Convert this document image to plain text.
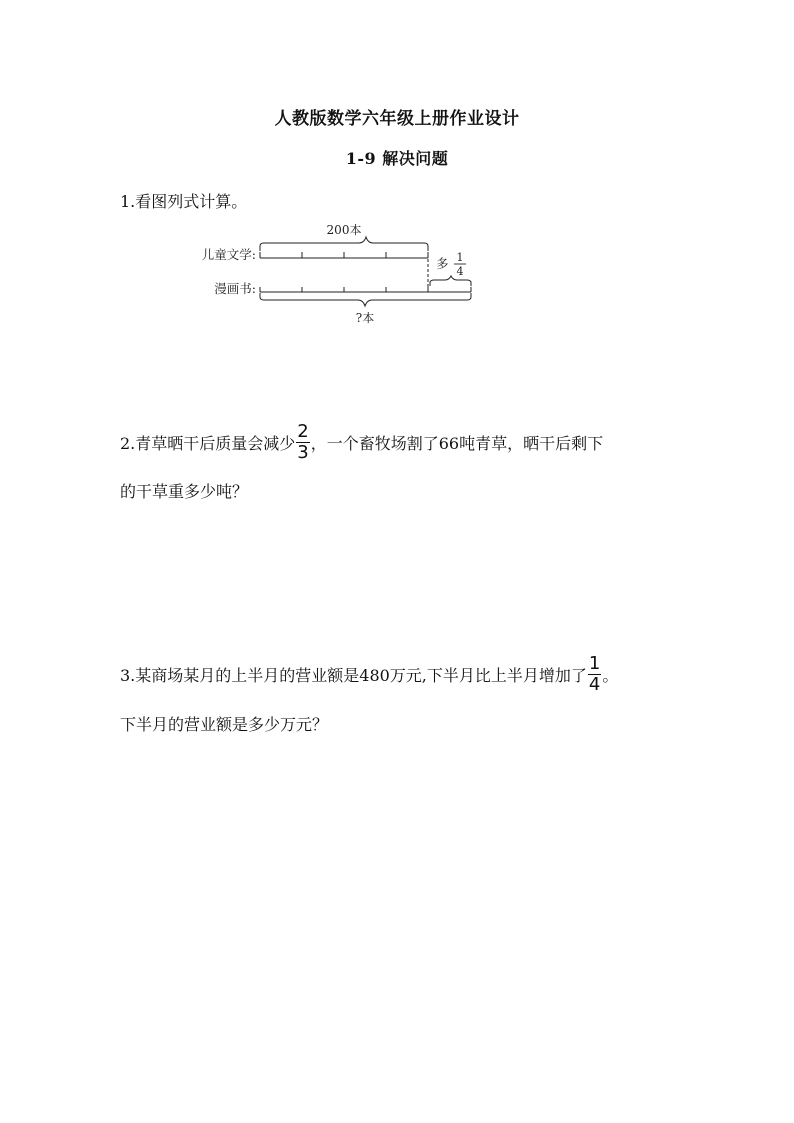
人教版数学六年级上册作业设计
1-9 解决问题
1.看图列式计算。
儿童文学:
漫画书:
200本
多 1
4
?本
2.青草晒干后质量会减少 $\frac{2}{3}$ ，一个畜牧场割了66吨青草，晒干后剩下
的干草重多少吨？
3.某商场某月的上半月的营业额是480万元,下半月比上半月增加了 $\frac{1}{4}$ 。
下半月的营业额是多少万元？
